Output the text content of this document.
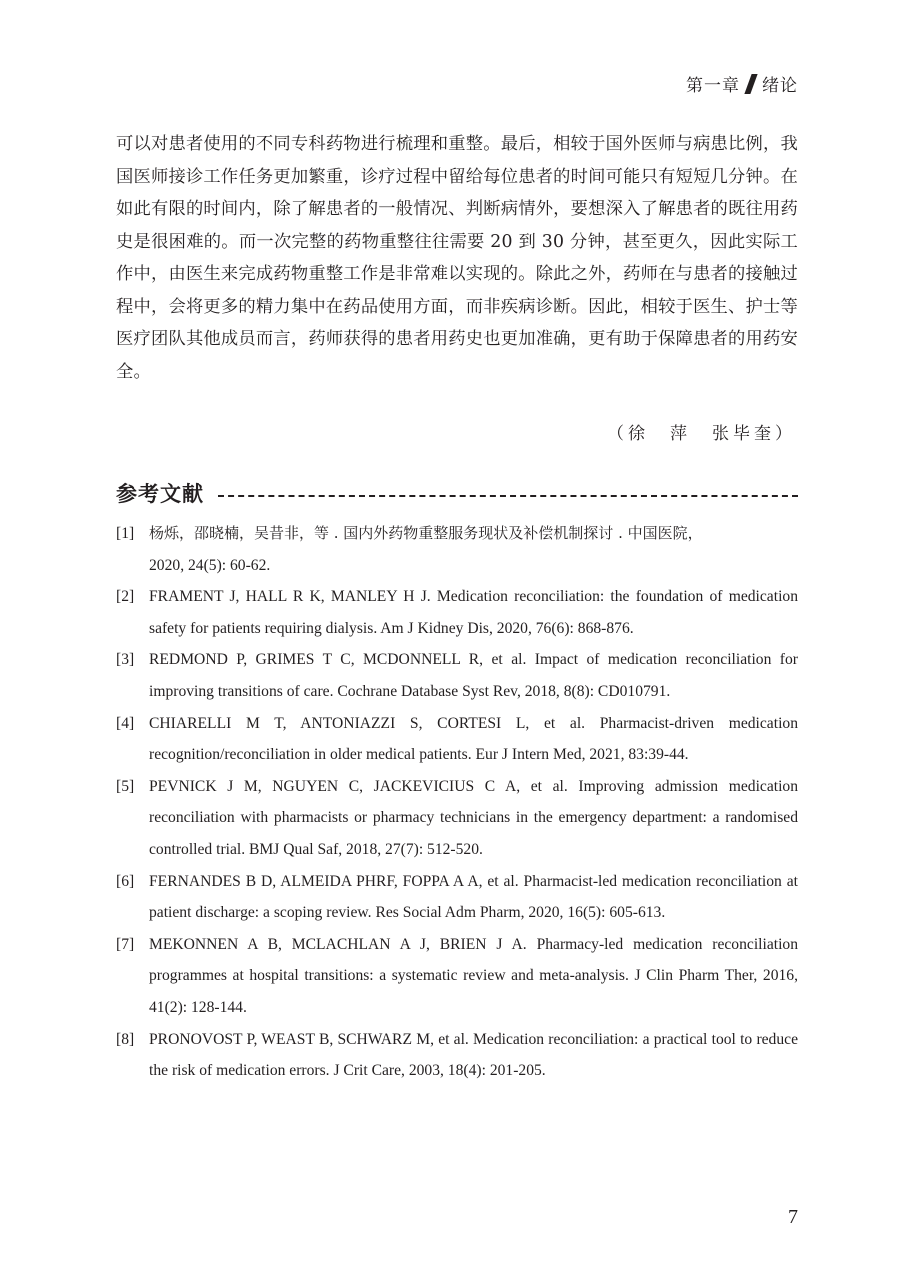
第一章 绪论

可以对患者使用的不同专科药物进行梳理和重整。最后，相较于国外医师与病患比例，我国医师接诊工作任务更加繁重，诊疗过程中留给每位患者的时间可能只有短短几分钟。在如此有限的时间内，除了解患者的一般情况、判断病情外，要想深入了解患者的既往用药史是很困难的。而一次完整的药物重整往往需要 20 到 30 分钟，甚至更久，因此实际工作中，由医生来完成药物重整工作是非常难以实现的。除此之外，药师在与患者的接触过程中，会将更多的精力集中在药品使用方面，而非疾病诊断。因此，相较于医生、护士等医疗团队其他成员而言，药师获得的患者用药史也更加准确，更有助于保障患者的用药安全。

（徐　萍　张毕奎）

参考文献
[1] 杨烁，邵晓楠，吴昔非，等 . 国内外药物重整服务现状及补偿机制探讨 . 中国医院，
2020, 24(5): 60-62.
[2] FRAMENT J, HALL R K, MANLEY H J. Medication reconciliation: the foundation of medication safety for patients requiring dialysis. Am J Kidney Dis, 2020, 76(6): 868-876.
[3] REDMOND P, GRIMES T C, MCDONNELL R, et al. Impact of medication reconciliation for improving transitions of care. Cochrane Database Syst Rev, 2018, 8(8): CD010791.
[4] CHIARELLI M T, ANTONIAZZI S, CORTESI L, et al. Pharmacist-driven medication recognition/reconciliation in older medical patients. Eur J Intern Med, 2021, 83:39-44.
[5] PEVNICK J M, NGUYEN C, JACKEVICIUS C A, et al. Improving admission medication reconciliation with pharmacists or pharmacy technicians in the emergency department: a randomised controlled trial. BMJ Qual Saf, 2018, 27(7): 512-520.
[6] FERNANDES B D, ALMEIDA PHRF, FOPPA A A, et al. Pharmacist-led medication reconciliation at patient discharge: a scoping review. Res Social Adm Pharm, 2020, 16(5): 605-613.
[7] MEKONNEN A B, MCLACHLAN A J, BRIEN J A. Pharmacy-led medication reconciliation programmes at hospital transitions: a systematic review and meta-analysis. J Clin Pharm Ther, 2016, 41(2): 128-144.
[8] PRONOVOST P, WEAST B, SCHWARZ M, et al. Medication reconciliation: a practical tool to reduce the risk of medication errors. J Crit Care, 2003, 18(4): 201-205.

7
